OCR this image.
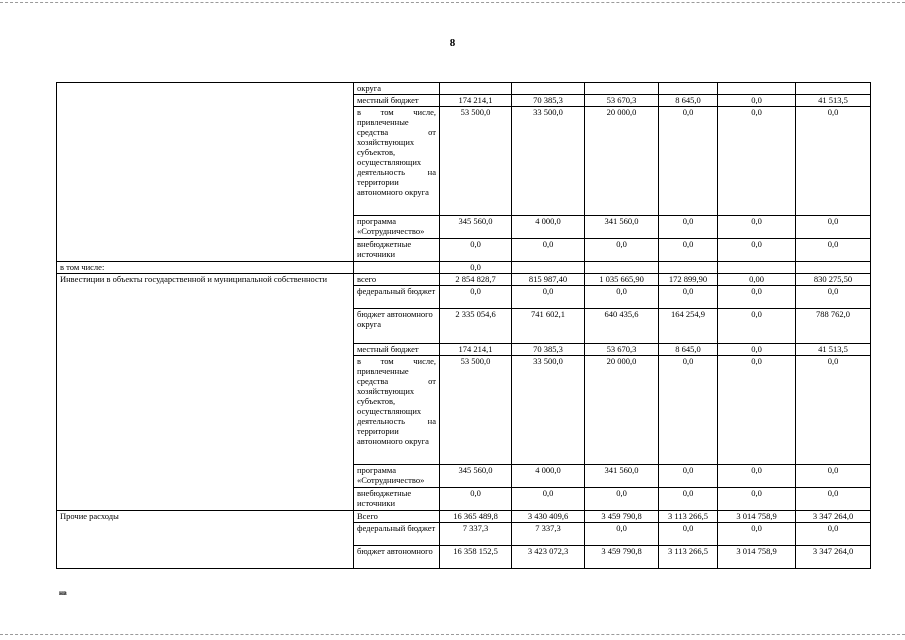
8
	округа						
	местный бюджет	174 214,1	70 385,3	53 670,3	8 645,0	0,0	41 513,5
	в том числе, привлеченные средства от хозяйствующих субъектов, осуществляющих деятельность на территории автономного округа	53 500,0	33 500,0	20 000,0	0,0	0,0	0,0
	программа «Сотрудничество»	345 560,0	4 000,0	341 560,0	0,0	0,0	0,0
	внебюджетные источники	0,0	0,0	0,0	0,0	0,0	0,0
в том числе:		0,0					
Инвестиции в объекты государственной и муниципальной собственности	всего	2 854 828,7	815 987,40	1 035 665,90	172 899,90	0,00	830 275,50
	федеральный бюджет	0,0	0,0	0,0	0,0	0,0	0,0
	бюджет автономного округа	2 335 054,6	741 602,1	640 435,6	164 254,9	0,0	788 762,0
	местный бюджет	174 214,1	70 385,3	53 670,3	8 645,0	0,0	41 513,5
	в том числе, привлеченные средства от хозяйствующих субъектов, осуществляющих деятельность на территории автономного округа	53 500,0	33 500,0	20 000,0	0,0	0,0	0,0
	программа «Сотрудничество»	345 560,0	4 000,0	341 560,0	0,0	0,0	0,0
	внебюджетные источники	0,0	0,0	0,0	0,0	0,0	0,0
Прочие расходы	Всего	16 365 489,8	3 430 409,6	3 459 790,8	3 113 266,5	3 014 758,9	3 347 264,0
	федеральный бюджет	7 337,3	7 337,3	0,0	0,0	0,0	0,0
	бюджет автономного	16 358 152,5	3 423 072,3	3 459 790,8	3 113 266,5	3 014 758,9	3 347 264,0
нв
